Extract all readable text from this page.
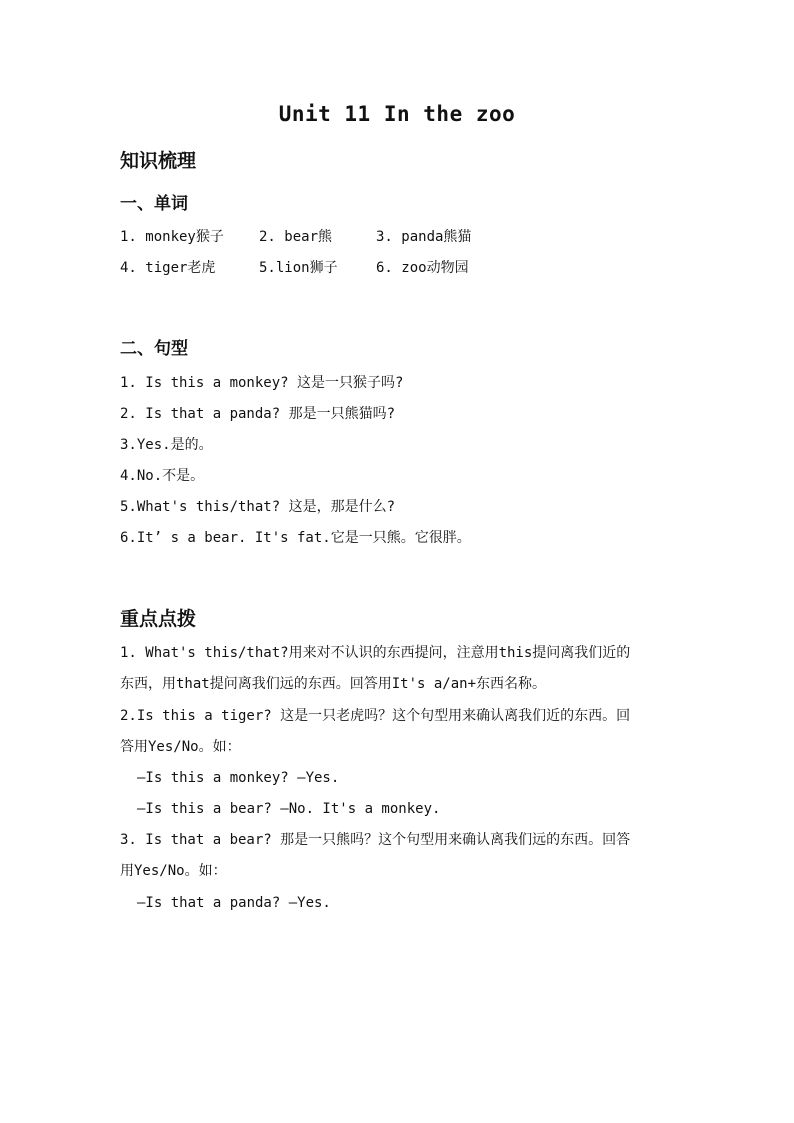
Unit 11 In the zoo
知识梳理
一、单词
1. monkey猴子	2. bear熊	3. panda熊猫
4. tiger老虎	5.lion狮子	6. zoo动物园
二、句型
1. Is this a monkey? 这是一只猴子吗?
2. Is that a panda? 那是一只熊猫吗?
3.Yes.是的。
4.No.不是。
5.What's this/that? 这是，那是什么?
6.It’ s a bear. It's fat.它是一只熊。它很胖。
重点点拨
1. What's this/that?用来对不认识的东西提问，注意用this提问离我们近的
东西，用that提问离我们远的东西。回答用It's a/an+东西名称。
2.Is this a tiger? 这是一只老虎吗？这个句型用来确认离我们近的东西。回
答用Yes/No。如：
—Is this a monkey? —Yes.
—Is this a bear? —No. It's a monkey.
3. Is that a bear? 那是一只熊吗？这个句型用来确认离我们远的东西。回答
用Yes/No。如：
—Is that a panda? —Yes.
